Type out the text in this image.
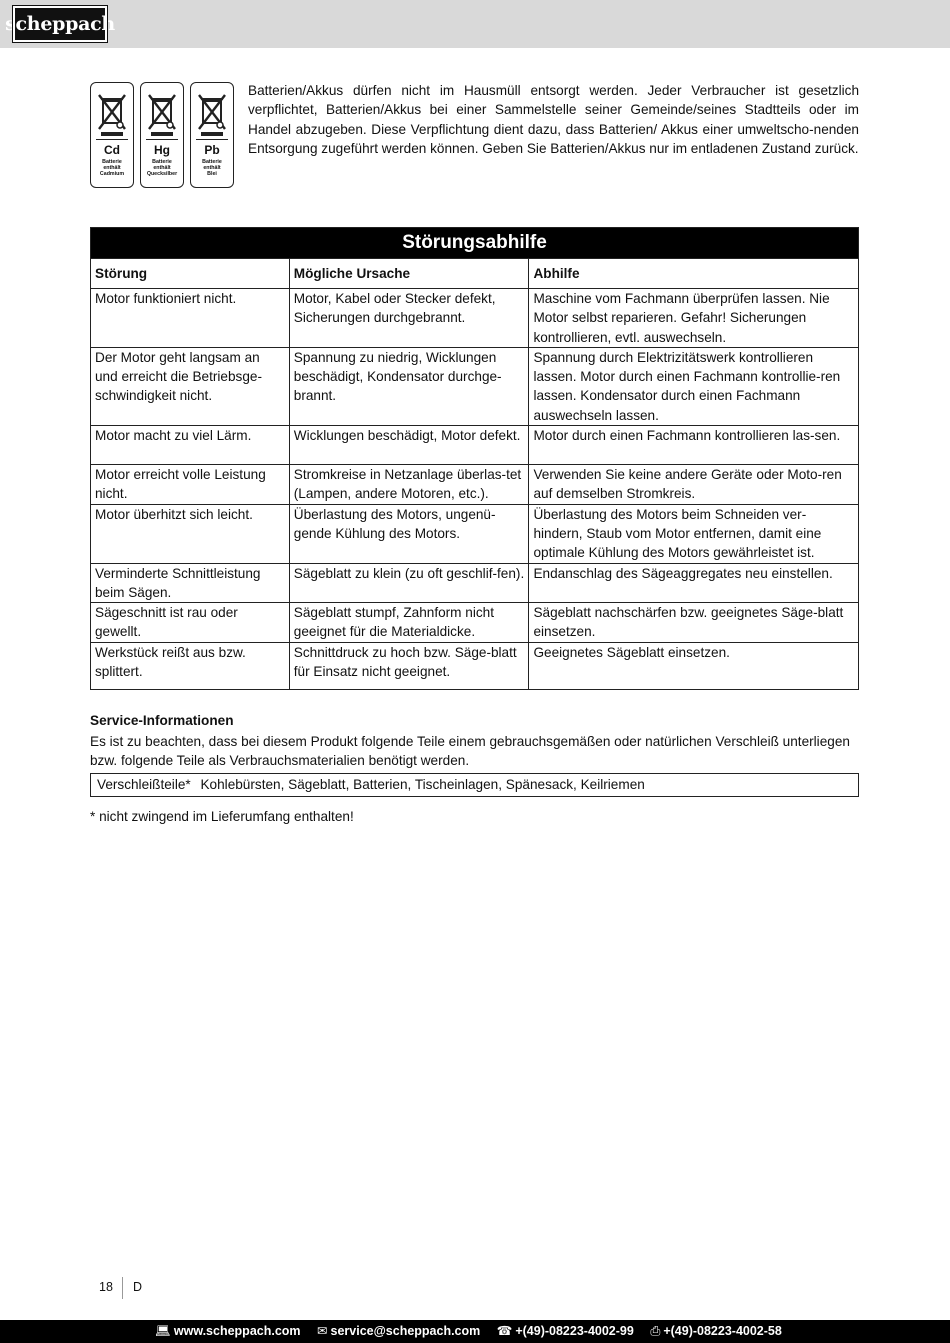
scheppach
Cd
Batterie
enthält
Cadmium
Hg
Batterie
enthält
Quecksilber
Pb
Batterie
enthält
Blei
Batterien/Akkus dürfen nicht im Hausmüll entsorgt werden. Jeder Verbraucher ist gesetzlich verpflichtet, Batterien/Akkus bei einer Sammelstelle seiner Gemeinde/seines Stadtteils oder im Handel abzugeben. Diese Verpflichtung dient dazu, dass Batterien/ Akkus einer umweltscho-nenden Entsorgung zugeführt werden können. Geben Sie Batterien/Akkus nur im entladenen Zustand zurück.
Störungsabhilfe		
Störung	Mögliche Ursache	Abhilfe
Motor funktioniert nicht.	Motor, Kabel oder Stecker defekt, Sicherungen durchgebrannt.	Maschine vom Fachmann überprüfen lassen. Nie Motor selbst reparieren. Gefahr! Sicherungen kontrollieren, evtl. auswechseln.
Der Motor geht langsam an und erreicht die Betriebsge-schwindigkeit nicht.	Spannung zu niedrig, Wicklungen beschädigt, Kondensator durchge-brannt.	Spannung durch Elektrizitätswerk kontrollieren lassen. Motor durch einen Fachmann kontrollie-ren lassen. Kondensator durch einen Fachmann auswechseln lassen.
Motor macht zu viel Lärm.	Wicklungen beschädigt, Motor defekt.	Motor durch einen Fachmann kontrollieren las-sen.
Motor erreicht volle Leistung nicht.	Stromkreise in Netzanlage überlas-tet (Lampen, andere Motoren, etc.).	Verwenden Sie keine andere Geräte oder Moto-ren auf demselben Stromkreis.
Motor überhitzt sich leicht.	Überlastung des Motors, ungenü-gende Kühlung des Motors.	Überlastung des Motors beim Schneiden ver-hindern, Staub vom Motor entfernen, damit eine optimale Kühlung des Motors gewährleistet ist.
Verminderte Schnittleistung beim Sägen.	Sägeblatt zu klein (zu oft geschlif-fen).	Endanschlag des Sägeaggregates neu einstellen.
Sägeschnitt ist rau oder gewellt.	Sägeblatt stumpf, Zahnform nicht geeignet für die Materialdicke.	Sägeblatt nachschärfen bzw. geeignetes Säge-blatt einsetzen.
Werkstück reißt aus bzw. splittert.	Schnittdruck zu hoch bzw. Säge-blatt für Einsatz nicht geeignet.	Geeignetes Sägeblatt einsetzen.
Service-Informationen
Es ist zu beachten, dass bei diesem Produkt folgende Teile einem gebrauchsgemäßen oder natürlichen Verschleiß unterliegen bzw. folgende Teile als Verbrauchsmaterialien benötigt werden.
Verschleißteile* Kohlebürsten, Sägeblatt, Batterien, Tischeinlagen, Spänesack, Keilriemen
* nicht zwingend im Lieferumfang enthalten!
18 D
💻︎ www.scheppach.com ✉︎ service@scheppach.com ☎︎ +(49)-08223-4002-99 ⎙ +(49)-08223-4002-58
